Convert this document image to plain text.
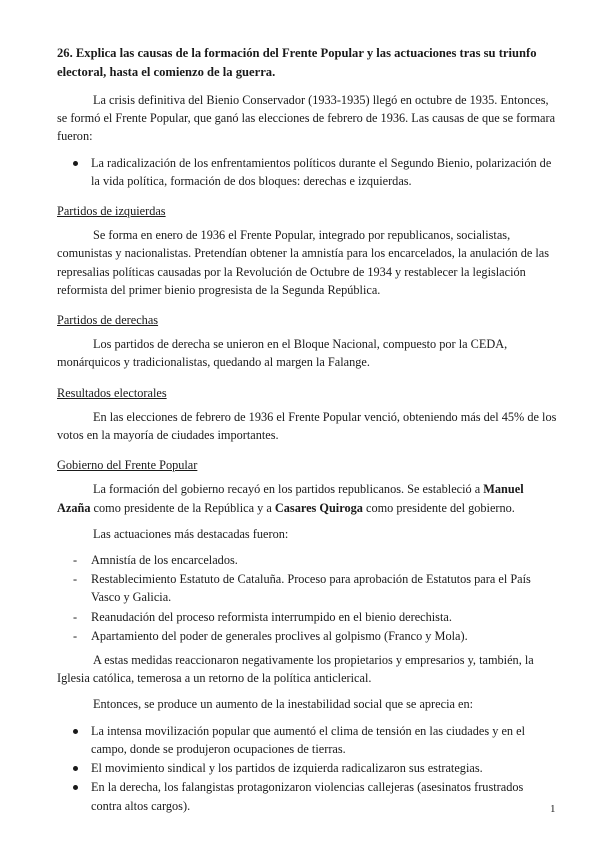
26. Explica las causas de la formación del Frente Popular y las actuaciones tras su triunfo electoral, hasta el comienzo de la guerra.

La crisis definitiva del Bienio Conservador (1933-1935) llegó en octubre de 1935. Entonces, se formó el Frente Popular, que ganó las elecciones de febrero de 1936. Las causas de que se formara fueron:

La radicalización de los enfrentamientos políticos durante el Segundo Bienio, polarización de la vida política, formación de dos bloques: derechas e izquierdas.

Partidos de izquierdas

Se forma en enero de 1936 el Frente Popular, integrado por republicanos, socialistas, comunistas y nacionalistas. Pretendían obtener la amnistía para los encarcelados, la anulación de las represalias políticas causadas por la Revolución de Octubre de 1934 y restablecer la legislación reformista del primer bienio progresista de la Segunda República.

Partidos de derechas

Los partidos de derecha se unieron en el Bloque Nacional, compuesto por la CEDA, monárquicos y tradicionalistas, quedando al margen la Falange.

Resultados electorales

En las elecciones de febrero de 1936 el Frente Popular venció, obteniendo más del 45% de los votos en la mayoría de ciudades importantes.

Gobierno del Frente Popular

La formación del gobierno recayó en los partidos republicanos. Se estableció a Manuel Azaña como presidente de la República y a Casares Quiroga como presidente del gobierno.

Las actuaciones más destacadas fueron:

- Amnistía de los encarcelados.
- Restablecimiento Estatuto de Cataluña. Proceso para aprobación de Estatutos para el País Vasco y Galicia.
- Reanudación del proceso reformista interrumpido en el bienio derechista.
- Apartamiento del poder de generales proclives al golpismo (Franco y Mola).

A estas medidas reaccionaron negativamente los propietarios y empresarios y, también, la Iglesia católica, temerosa a un retorno de la política anticlerical.

Entonces, se produce un aumento de la inestabilidad social que se aprecia en:

La intensa movilización popular que aumentó el clima de tensión en las ciudades y en el campo, donde se produjeron ocupaciones de tierras.
El movimiento sindical y los partidos de izquierda radicalizaron sus estrategias.
En la derecha, los falangistas protagonizaron violencias callejeras (asesinatos frustrados contra altos cargos).	1
